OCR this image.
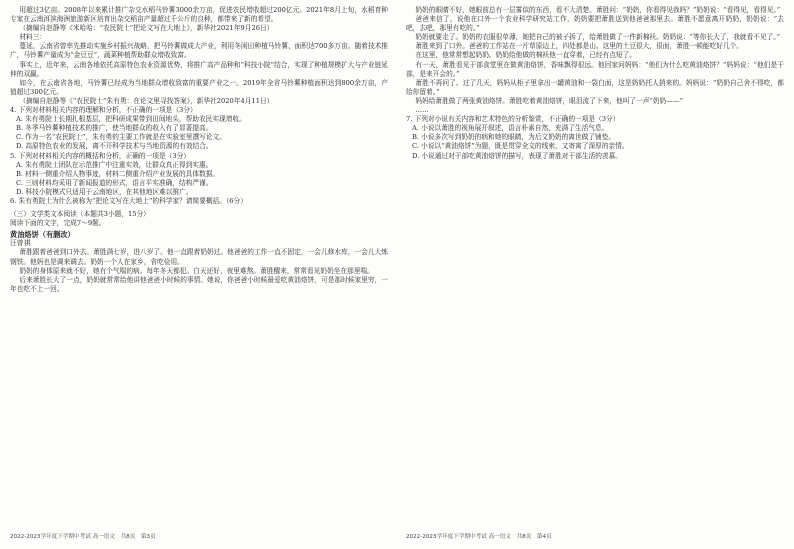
用超过3亿亩。2008年以来累计推广杂交水稻马铃薯3000余万亩，促进农民增收超过200亿元。2021年8月上旬，水稻育种专家在云南洱滨海洲旅游新区培育出杂交稻亩产量超过千公斤的良种，都带来了新的希望。

（摘编自赵静等《米哈哈：“农民院士”把论文写在大地上》，新华社2021年9月26日）

材料三：

蔓延，云南省曾率先推动实施乡村振兴战略，把马铃薯做成大产业，利用冬闲田种植马铃薯，面积达700多万亩。随着技术推广，马铃薯产量成为“金豆豆”，蔬菜种植帮助群众增收致富。

事实上，近年来，云南各地依托高原特色农业资源优势，将推广高产品种和“科技小院”结合，实现了种植规模扩大与产业链延伸的双赢。

如今，在云南省各地，马铃薯已经成为当地群众增收致富的重要产业之一。2019年全省马铃薯种植面积达到800余万亩，产值超过300亿元。

（摘编自赵静等《“农民院士”朱有勇：在论文里寻找答案》，新华社2020年4月11日）

4. 下列对材料相关内容的理解和分析，不正确的一项是（3分）

A. 朱有勇院士长期扎根基层，把科研成果带到田间地头，帮助农民实现增收。

B. 冬季马铃薯种植技术的推广，使当地群众的收入有了显著提高。

C. 作为一名“农民院士”，朱有勇的主要工作就是在实验室里撰写论文。

D. 高原特色农业的发展，离不开科学技术与当地资源的有效结合。

5. 下列对材料相关内容的概括和分析，正确的一项是（3分）

A. 朱有勇院士团队在示范推广中注重实效，让群众真正得到实惠。

B. 材料一侧重介绍人物事迹，材料二侧重介绍产业发展的具体数据。

C. 三则材料均采用了新闻报道的形式，语言平实准确，结构严谨。

D. 科技小院模式只适用于云南地区，在其他地区难以推广。

6. 朱有勇院士为什么被称为“把论文写在大地上”的科学家？请简要概括。（6分）

（三）文学类文本阅读（本题共3小题，15分）

阅读下面的文字，完成7～9题。

黄油烙饼（有删改）

汪曾祺

萧胜跟着爸爸到口外去。萧胜满七岁，进八岁了。他一直跟着奶奶过。他爸爸的工作一直不固定，一会儿修水库，一会儿大炼钢铁。他妈也是调来调去。奶奶一个人在家乡，省吃俭用。

奶奶的身体原来就不好，她有个气喘的病。每年冬天都犯。白天还好，夜里难熬。萧胜醒来，常常看见奶奶坐在那里喘。

后来萧胜长大了一点，奶奶就常常给他讲他爸爸小时候的事情。她说，你爸爸小时候最爱吃黄油烙饼，可是那时候家里穷，一年也吃不上一回。

2022-2023学年度下学期中考试 高一语文　共8页　第3页

奶奶的眼睛不好，她眼前总有一层雾似的东西，看不大清楚。萧胜问：“奶奶，你看得见我吗？”奶奶说：“看得见，看得见。”

爸爸来信了，说他在口外一个农业科学研究站工作，奶奶要把萧胜送到他爸爸那里去。萧胜不愿意离开奶奶，奶奶说：“去吧，去吧，那里有吃的。”

奶奶就要走了。奶奶的衣服很单薄，她把自己的被子拆了，给萧胜做了一件新棉袄。奶奶说：“等你长大了，我就看不见了。”

萧胜来到了口外。爸爸的工作站在一片草原边上，四处都是山。这里的土豆很大，很面，萧胜一顿能吃好几个。

在这里，他常常想起奶奶。奶奶给他做的棉袄他一直穿着，已经有点短了。

有一天，萧胜看见干部食堂里在做黄油烙饼，香味飘得很远。他回家问妈妈：“他们为什么吃黄油烙饼？”妈妈说：“他们是干部，是来开会的。”

萧胜不再问了。过了几天，妈妈从柜子里拿出一罐黄油和一袋白面，这是奶奶托人捎来的。妈妈说：“奶奶自己舍不得吃，都给你留着。”

妈妈给萧胜做了两张黄油烙饼。萧胜吃着黄油烙饼，眼泪流了下来，他叫了一声“奶奶——”

……

7. 下列对小说有关内容和艺术特色的分析鉴赏，不正确的一项是（3分）

A. 小说以萧胜的视角展开叙述，语言朴素自然，充满了生活气息。

B. 小说多次写到奶奶的病和她的眼睛，为后文奶奶的离世做了铺垫。

C. 小说以“黄油烙饼”为题，既是贯穿全文的线索，又寄寓了深厚的亲情。

D. 小说通过对干部吃黄油烙饼的描写，表现了萧胜对干部生活的羡慕。

2022-2023学年度下学期中考试 高一语文　共8页　第4页
